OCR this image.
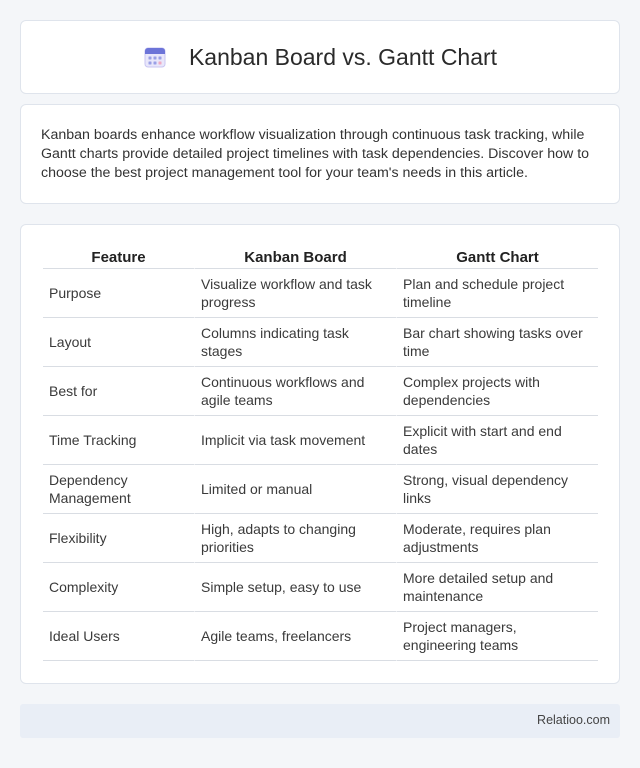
Kanban Board vs. Gantt Chart

Kanban boards enhance workflow visualization through continuous task tracking, while Gantt charts provide detailed project timelines with task dependencies. Discover how to choose the best project management tool for your team's needs in this article.

Feature	Kanban Board	Gantt Chart
Purpose	Visualize workflow and task progress	Plan and schedule project timeline
Layout	Columns indicating task stages	Bar chart showing tasks over time
Best for	Continuous workflows and agile teams	Complex projects with dependencies
Time Tracking	Implicit via task movement	Explicit with start and end dates
Dependency Management	Limited or manual	Strong, visual dependency links
Flexibility	High, adapts to changing priorities	Moderate, requires plan adjustments
Complexity	Simple setup, easy to use	More detailed setup and maintenance
Ideal Users	Agile teams, freelancers	Project managers, engineering teams
Relatioo.com
